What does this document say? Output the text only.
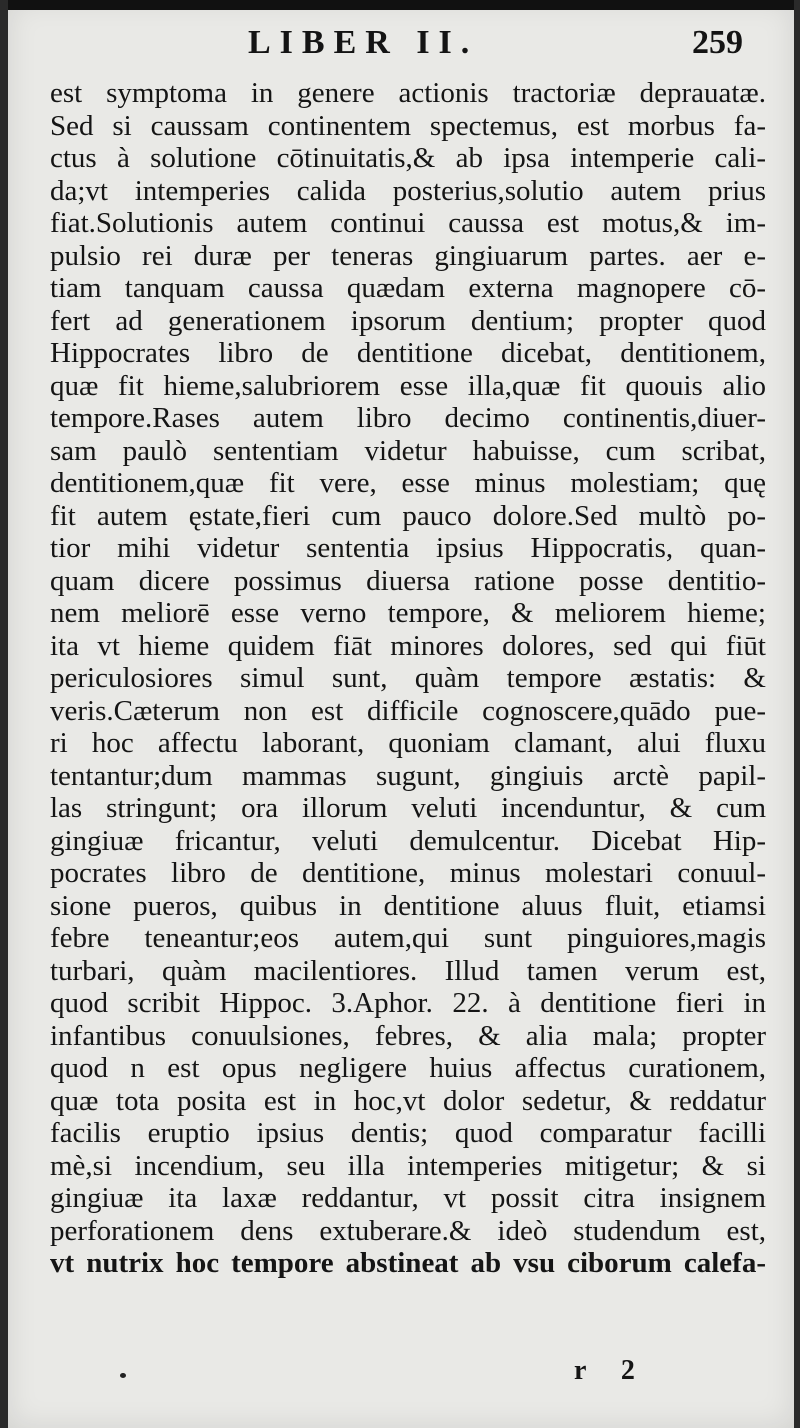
LIBER II.	259
est symptoma in genere actionis tractoriæ deprauatæ.
Sed si caussam continentem spectemus, est morbus fa-
ctus à solutione cōtinuitatis,& ab ipsa intemperie cali-
da;vt intemperies calida posterius,solutio autem prius
fiat.Solutionis autem continui caussa est motus,& im-
pulsio rei duræ per teneras gingiuarum partes. aer e-
tiam tanquam caussa quædam externa magnopere cō-
fert ad generationem ipsorum dentium; propter quod
Hippocrates libro de dentitione dicebat, dentitionem,
quæ fit hieme,salubriorem esse illa,quæ fit quouis alio
tempore.Rases autem libro decimo continentis,diuer-
sam paulò sententiam videtur habuisse, cum scribat,
dentitionem,quæ fit vere, esse minus molestiam; quę
fit autem ęstate,fieri cum pauco dolore.Sed multò po-
tior mihi videtur sententia ipsius Hippocratis, quan-
quam dicere possimus diuersa ratione posse dentitio-
nem meliorē esse verno tempore, & meliorem hieme;
ita vt hieme quidem fiāt minores dolores, sed qui fiūt
periculosiores simul sunt, quàm tempore æstatis: &
veris.Cæterum non est difficile cognoscere,quādo pue-
ri hoc affectu laborant, quoniam clamant, alui fluxu
tentantur;dum mammas sugunt, gingiuis arctè papil-
las stringunt; ora illorum veluti incenduntur, & cum
gingiuæ fricantur, veluti demulcentur. Dicebat Hip-
pocrates libro de dentitione, minus molestari conuul-
sione pueros, quibus in dentitione aluus fluit, etiamsi
febre teneantur;eos autem,qui sunt pinguiores,magis
turbari, quàm macilentiores. Illud tamen verum est,
quod scribit Hippoc. 3.Aphor. 22. à dentitione fieri in
infantibus conuulsiones, febres, & alia mala; propter
quod n est opus negligere huius affectus curationem,
quæ tota posita est in hoc,vt dolor sedetur, & reddatur
facilis eruptio ipsius dentis; quod comparatur facilli
mè,si incendium, seu illa intemperies mitigetur; & si
gingiuæ ita laxæ reddantur, vt possit citra insignem
perforationem dens extuberare.& ideò studendum est,
vt nutrix hoc tempore abstineat ab vsu ciborum calefa-
r 2
